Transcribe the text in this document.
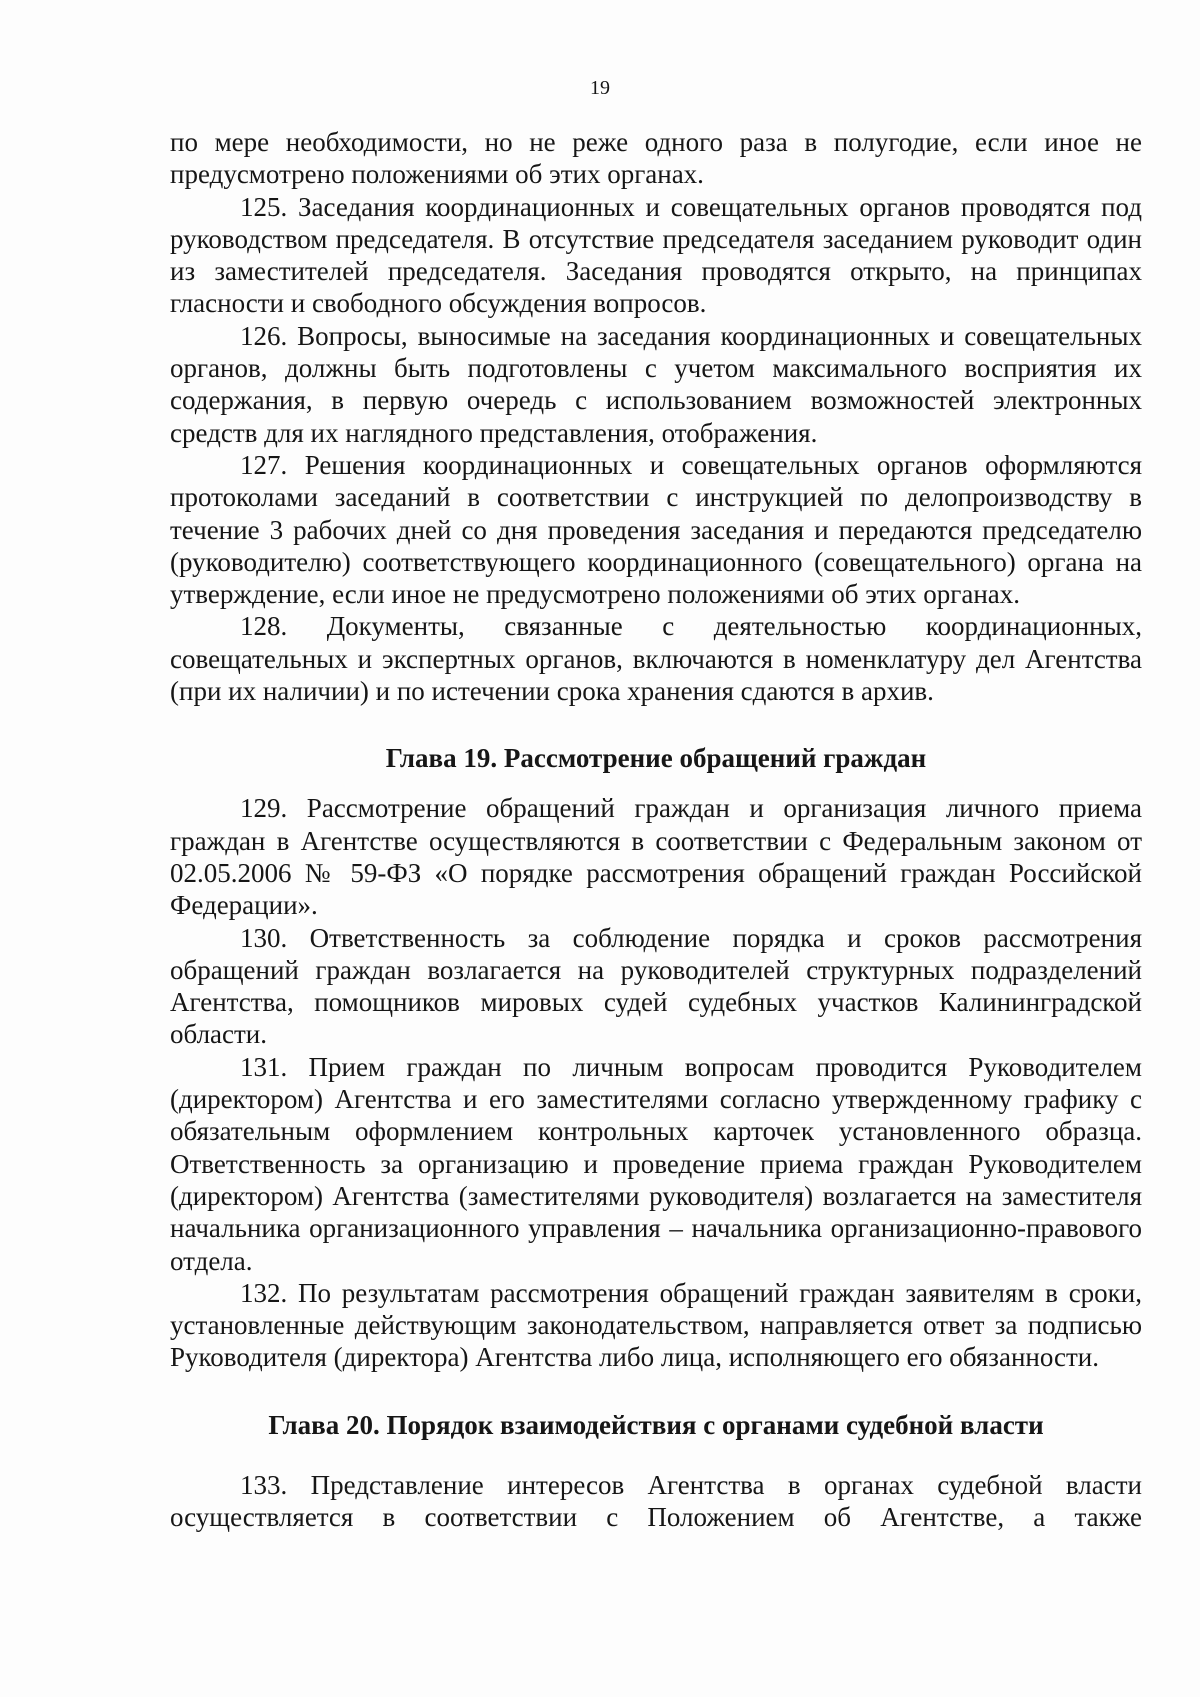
19

по мере необходимости, но не реже одного раза в полугодие, если иное не предусмотрено положениями об этих органах.

125. Заседания координационных и совещательных органов проводятся под руководством председателя. В отсутствие председателя заседанием руководит один из заместителей председателя. Заседания проводятся открыто, на принципах гласности и свободного обсуждения вопросов.

126. Вопросы, выносимые на заседания координационных и совещательных органов, должны быть подготовлены с учетом максимального восприятия их содержания, в первую очередь с использованием возможностей электронных средств для их наглядного представления, отображения.

127. Решения координационных и совещательных органов оформляются протоколами заседаний в соответствии с инструкцией по делопроизводству в течение 3 рабочих дней со дня проведения заседания и передаются председателю (руководителю) соответствующего координационного (совещательного) органа на утверждение, если иное не предусмотрено положениями об этих органах.

128. Документы, связанные с деятельностью координационных, совещательных и экспертных органов, включаются в номенклатуру дел Агентства (при их наличии) и по истечении срока хранения сдаются в архив.

Глава 19. Рассмотрение обращений граждан

129. Рассмотрение обращений граждан и организация личного приема граждан в Агентстве осуществляются в соответствии с Федеральным законом от 02.05.2006 № 59-ФЗ «О порядке рассмотрения обращений граждан Российской Федерации».

130. Ответственность за соблюдение порядка и сроков рассмотрения обращений граждан возлагается на руководителей структурных подразделений Агентства, помощников мировых судей судебных участков Калининградской области.

131. Прием граждан по личным вопросам проводится Руководителем (директором) Агентства и его заместителями согласно утвержденному графику с обязательным оформлением контрольных карточек установленного образца. Ответственность за организацию и проведение приема граждан Руководителем (директором) Агентства (заместителями руководителя) возлагается на заместителя начальника организационного управления – начальника организационно-правового отдела.

132. По результатам рассмотрения обращений граждан заявителям в сроки, установленные действующим законодательством, направляется ответ за подписью Руководителя (директора) Агентства либо лица, исполняющего его обязанности.

Глава 20. Порядок взаимодействия с органами судебной власти

133. Представление интересов Агентства в органах судебной власти осуществляется в соответствии с Положением об Агентстве, а также
